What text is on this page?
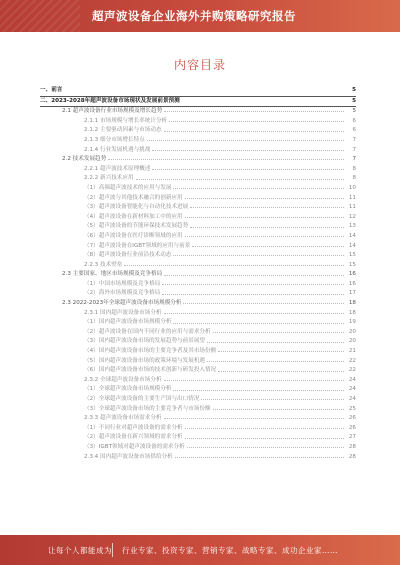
超声波设备企业海外并购策略研究报告
内容目录
一、前言	5
二、2023-2028年超声波设备市场现状及发展前景预测	5
2.1 超声波设备行业市场规模及增长趋势	5
2.1.1 市场规模与增长率统计分析	6
2.1.2 主要驱动因素与市场动态	6
2.1.3 细分市场增长特点	7
2.1.4 行业发展机遇与挑战	7
2.2 技术发展趋势	7
2.2.1 超声波技术原理概述	8
2.2.2 新兴技术应用	8
（1）高频超声波技术的应用与发展	10
（2）超声波与其他技术融合的创新应用	11
（3）超声波设备智能化与自动化技术进展	11
（4）超声波设备在新材料加工中的应用	12
（5）超声波设备的节能环保技术发展趋势	13
（6）超声波设备在医疗诊断领域的应用	14
（7）超声波设备在IGBT领域的应用与前景	14
（8）超声波设备行业前沿技术动态	15
2.2.3 技术壁垒	15
2.3 主要国家、地区市场规模及竞争格局	16
（1）中国市场规模及竞争格局	16
（2）海外市场规模及竞争格局	17
2.3 2022-2023年全球超声波设备市场规模分析	18
2.3.1 国内超声波设备市场分析	18
（1）国内超声波设备市场规模分析	19
（2）超声波设备在国内不同行业的应用与需求分析	20
（3）国内超声波设备市场的发展趋势与前景展望	20
（4）国内超声波设备市场的主要竞争者及其市场份额	21
（5）国内超声波设备市场的政策环境与发展机遇	22
（6）国内超声波设备市场的技术创新与研发投入情况	22
2.3.2 全球超声波设备市场分析	24
（1）全球超声波设备市场规模分析	24
（2）全球超声波设备的主要生产国与出口情况	24
（3）全球超声波设备市场的主要竞争者与市场份额	25
2.3.3 超声波设备市场需求分析	26
（1）不同行业对超声波设备的需求分析	26
（2）超声波设备在新兴领域的需求分析	27
（3）IGBT领域对超声波设备的需求分析	28
2.3.4 国内超声波设备市场供给分析	28
让每个人都能成为 行业专家、投资专家、营销专家、战略专家、成功企业家……
